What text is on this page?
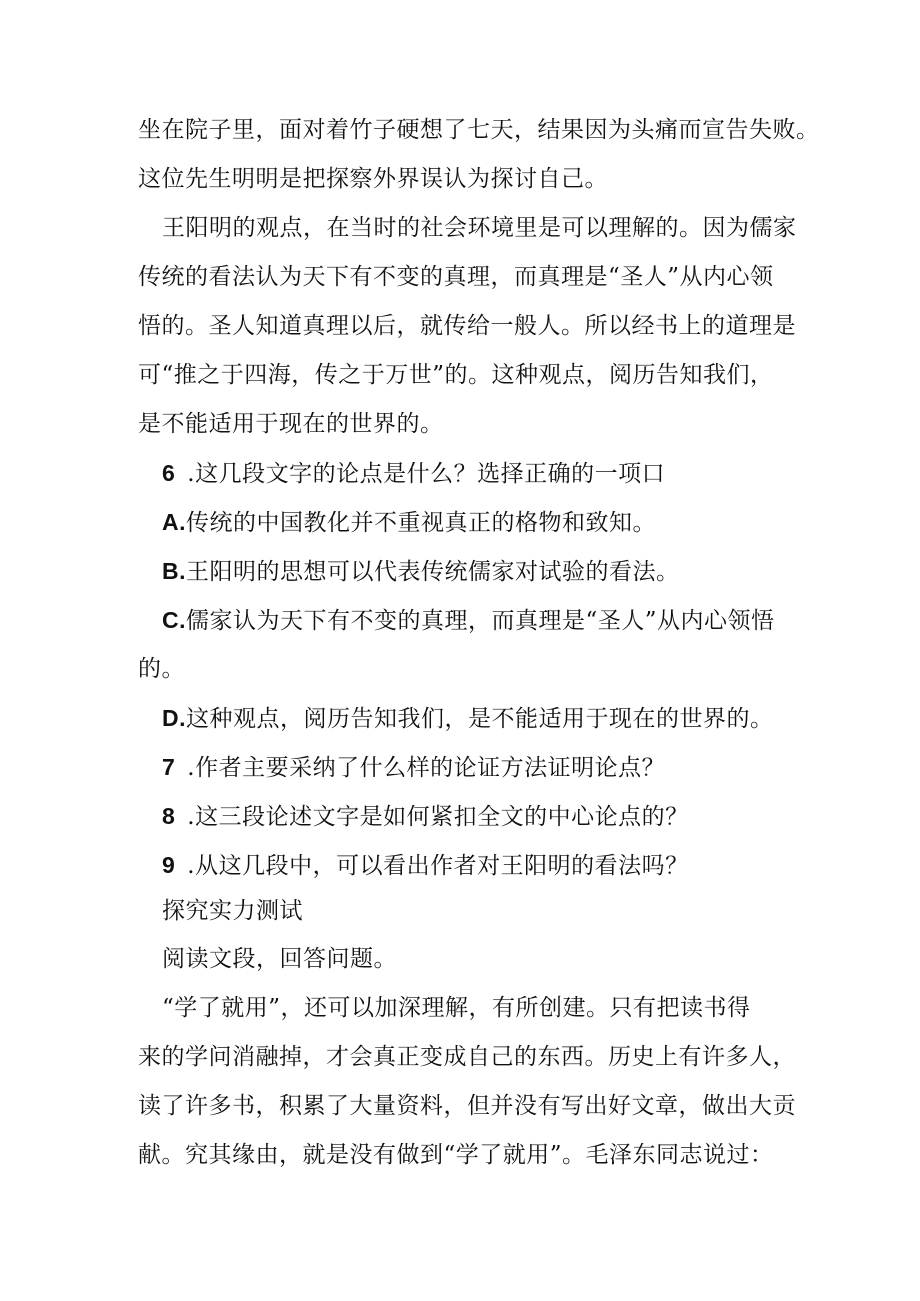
坐在院子里，面对着竹子硬想了七天，结果因为头痛而宣告失败。
这位先生明明是把探察外界误认为探讨自己。
王阳明的观点，在当时的社会环境里是可以理解的。因为儒家
传统的看法认为天下有不变的真理，而真理是“圣人”从内心领
悟的。圣人知道真理以后，就传给一般人。所以经书上的道理是
可“推之于四海，传之于万世”的。这种观点，阅历告知我们，
是不能适用于现在的世界的。
6 .这几段文字的论点是什么？选择正确的一项口
A.传统的中国教化并不重视真正的格物和致知。
B.王阳明的思想可以代表传统儒家对试验的看法。
C.儒家认为天下有不变的真理，而真理是“圣人”从内心领悟
的。
D.这种观点，阅历告知我们，是不能适用于现在的世界的。
7 .作者主要采纳了什么样的论证方法证明论点？
8 .这三段论述文字是如何紧扣全文的中心论点的？
9 .从这几段中，可以看出作者对王阳明的看法吗？
探究实力测试
阅读文段，回答问题。
“学了就用”，还可以加深理解，有所创建。只有把读书得
来的学问消融掉，才会真正变成自己的东西。历史上有许多人，
读了许多书，积累了大量资料，但并没有写出好文章，做出大贡
献。究其缘由，就是没有做到“学了就用”。毛泽东同志说过：
